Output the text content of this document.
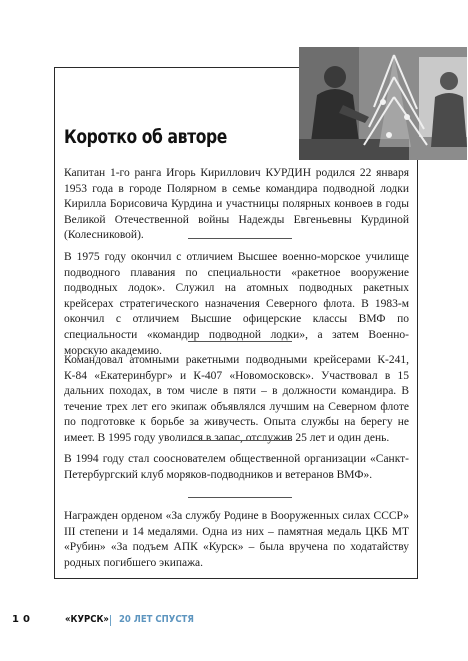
Коротко об авторе

Капитан 1-го ранга Игорь Кириллович КУРДИН родился 22 января 1953 года в городе Полярном в семье командира подводной лодки Кирилла Борисовича Курдина и участницы полярных конвоев в годы Великой Отечественной войны Надежды Евгеньевны Курдиной (Колесниковой).

В 1975 году окончил с отличием Высшее военно-морское училище подводного плавания по специальности «ракетное вооружение подводных лодок». Служил на атомных подводных ракетных крейсерах стратегического назначения Северного флота. В 1983-м окончил с отличием Высшие офицерские классы ВМФ по специальности «командир подводной лодки», а затем Военно-морскую академию.

Командовал атомными ракетными подводными крейсерами К-241, К-84 «Екатеринбург» и К-407 «Новомосковск». Участвовал в 15 дальних походах, в том числе в пяти – в должности командира. В течение трех лет его экипаж объявлялся лучшим на Северном флоте по подготовке к борьбе за живучесть. Опыта службы на берегу не имеет. В 1995 году уволился в запас, отслужив 25 лет и один день.

В 1994 году стал сооснователем общественной организации «Санкт-Петербургский клуб моряков-подводников и ветеранов ВМФ».

Награжден орденом «За службу Родине в Вооруженных силах СССР» III степени и 14 медалями. Одна из них – памятная медаль ЦКБ МТ «Рубин» «За подъем АПК «Курск» – была вручена по ходатайству родных погибшего экипажа.

10	«КУРСК» 20 ЛЕТ СПУСТЯ
